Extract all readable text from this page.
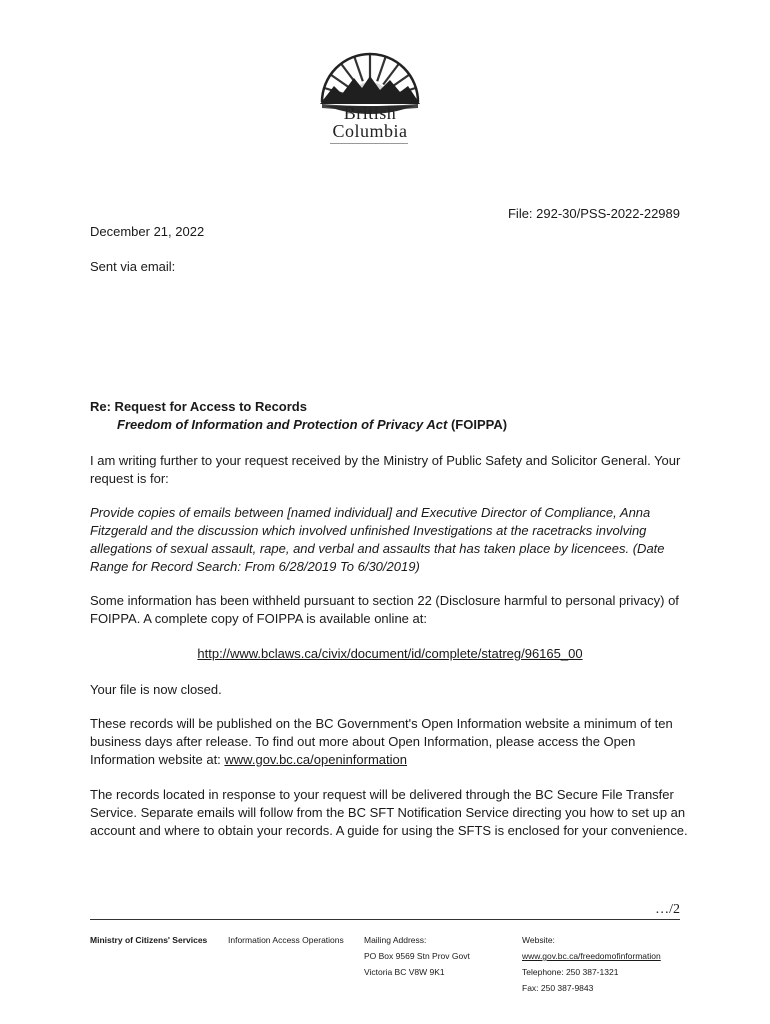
British
Columbia
File: 292-30/PSS-2022-22989
December 21, 2022
Sent via email:
Re: Request for Access to Records
Freedom of Information and Protection of Privacy Act (FOIPPA)
I am writing further to your request received by the Ministry of Public Safety and Solicitor General. Your request is for:
Provide copies of emails between [named individual] and Executive Director of Compliance, Anna Fitzgerald and the discussion which involved unfinished Investigations at the racetracks involving allegations of sexual assault, rape, and verbal and assaults that has taken place by licencees. (Date Range for Record Search: From 6/28/2019 To 6/30/2019)
Some information has been withheld pursuant to section 22 (Disclosure harmful to personal privacy) of FOIPPA. A complete copy of FOIPPA is available online at:
http://www.bclaws.ca/civix/document/id/complete/statreg/96165_00
Your file is now closed.
These records will be published on the BC Government's Open Information website a minimum of ten business days after release. To find out more about Open Information, please access the Open Information website at: www.gov.bc.ca/openinformation
The records located in response to your request will be delivered through the BC Secure File Transfer Service. Separate emails will follow from the BC SFT Notification Service directing you how to set up an account and where to obtain your records. A guide for using the SFTS is enclosed for your convenience.
…/2
Ministry of Citizens' Services Information Access Operations Mailing Address:
PO Box 9569 Stn Prov Govt
Victoria BC V8W 9K1
Website:
www.gov.bc.ca/freedomofinformation
Telephone: 250 387-1321
Fax: 250 387-9843
